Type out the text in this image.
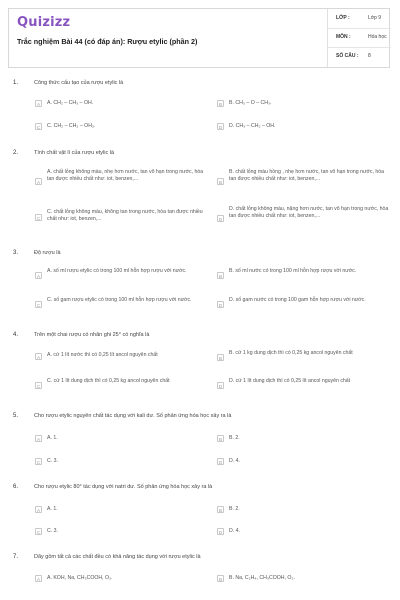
Quizizz
Trắc nghiệm Bài 44 (có đáp án): Rượu etylic (phần 2)
LỚP :	Lớp 9
MÔN :	Hóa học
SỐ CÂU : 8
1.	Công thức cấu tạo của rượu etylic là
A	A. CH₂ – CH₃ – OH.	B	B. CH₃ – O – CH₃.
C	C. CH₂ – CH₂ – OH₂.	D	D. CH₃ – CH₂ – OH.
2.	Tính chất vật lí của rượu etylic là
A
A. chất lỏng không màu, nhẹ hơn nước, tan vô hạn trong nước, hòa tan được nhiều chất như: iot, benzen,...
B
B. chất lỏng màu hồng , nhẹ hơn nước, tan vô hạn trong nước, hòa tan được nhiều chất như: iot, benzen,...
C
C. chất lỏng không màu, không tan trong nước, hòa tan được nhiều chất như: iot, benzen,...	D
D. chất lỏng không màu, nặng hơn nước, tan vô hạn trong nước, hòa tan được nhiều chất như: iot, benzen,...
3.	Độ rượu là
A
A. số ml rượu etylic có trong 100 ml hỗn hợp rượu với nước.
B
B. số ml nước có trong 100 ml hỗn hợp rượu với nước.
C
C. số gam rượu etylic có trong 100 ml hỗn hợp rượu với nước.
D
D. số gam nước có trong 100 gam hỗn hợp rượu với nước.
4.	Trên một chai rượu có nhãn ghi 25° có nghĩa là
A	A. cứ 1 lít nước thì có 0,25 lít ancol nguyên chất
B
B. cứ 1 kg dung dịch thì có 0,25 kg ancol nguyên chất
C
C. cứ 1 lít dung dịch thì có 0,25 kg ancol nguyên chất
D
D. cứ 1 lít dung dịch thì có 0,25 lít ancol nguyên chất
5.	Cho rượu etylic nguyên chất tác dụng với kali dư. Số phản ứng hóa học xảy ra là
A	A. 1.	B	B. 2.
C	C. 3.	D	D. 4.
6.	Cho rượu etylic 80° tác dụng với natri dư. Số phản ứng hóa học xảy ra là
A	A. 1.	B	B. 2.
C	C. 3.	D	D. 4.
7.	Dãy gồm tất cả các chất đều có khả năng tác dụng với rượu etylic là
A	A. KOH, Na, CH₃COOH, O₂.	B	B. Na, C₂H₄, CH₃COOH, O₂.
